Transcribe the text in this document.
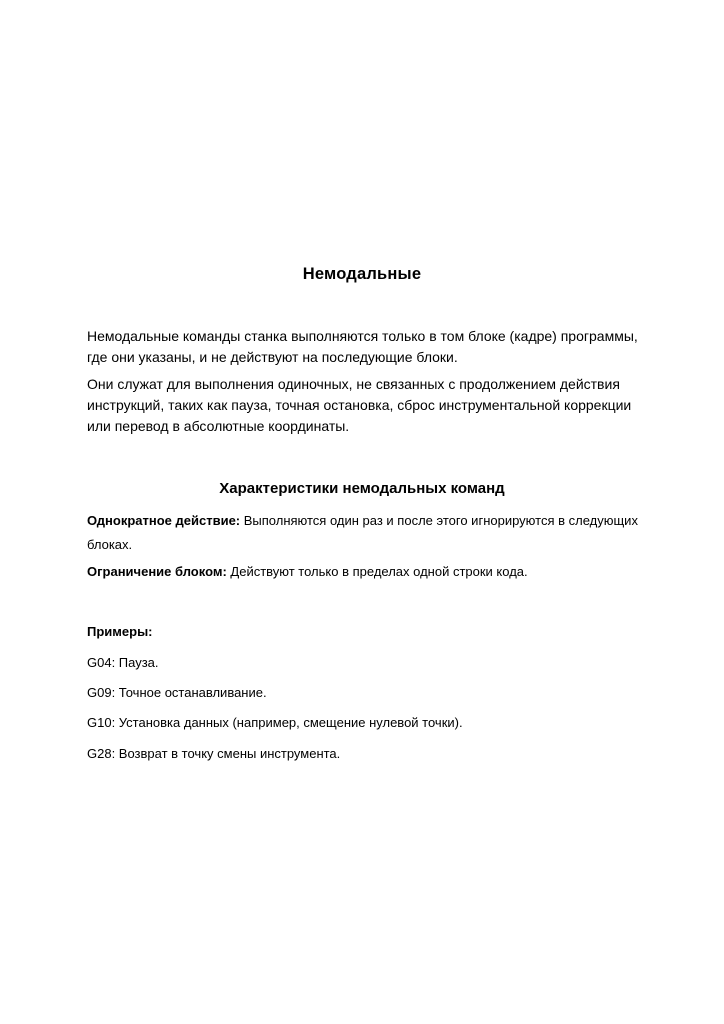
Немодальные

Немодальные команды станка выполняются только в том блоке (кадре) программы, где они указаны, и не действуют на последующие блоки.

Они служат для выполнения одиночных, не связанных с продолжением действия инструкций, таких как пауза, точная остановка, сброс инструментальной коррекции или перевод в абсолютные координаты.

Характеристики немодальных команд

Однократное действие: Выполняются один раз и после этого игнорируются в следующих блоках.

Ограничение блоком: Действуют только в пределах одной строки кода.

Примеры:
G04: Пауза.
G09: Точное останавливание.
G10: Установка данных (например, смещение нулевой точки).
G28: Возврат в точку смены инструмента.
